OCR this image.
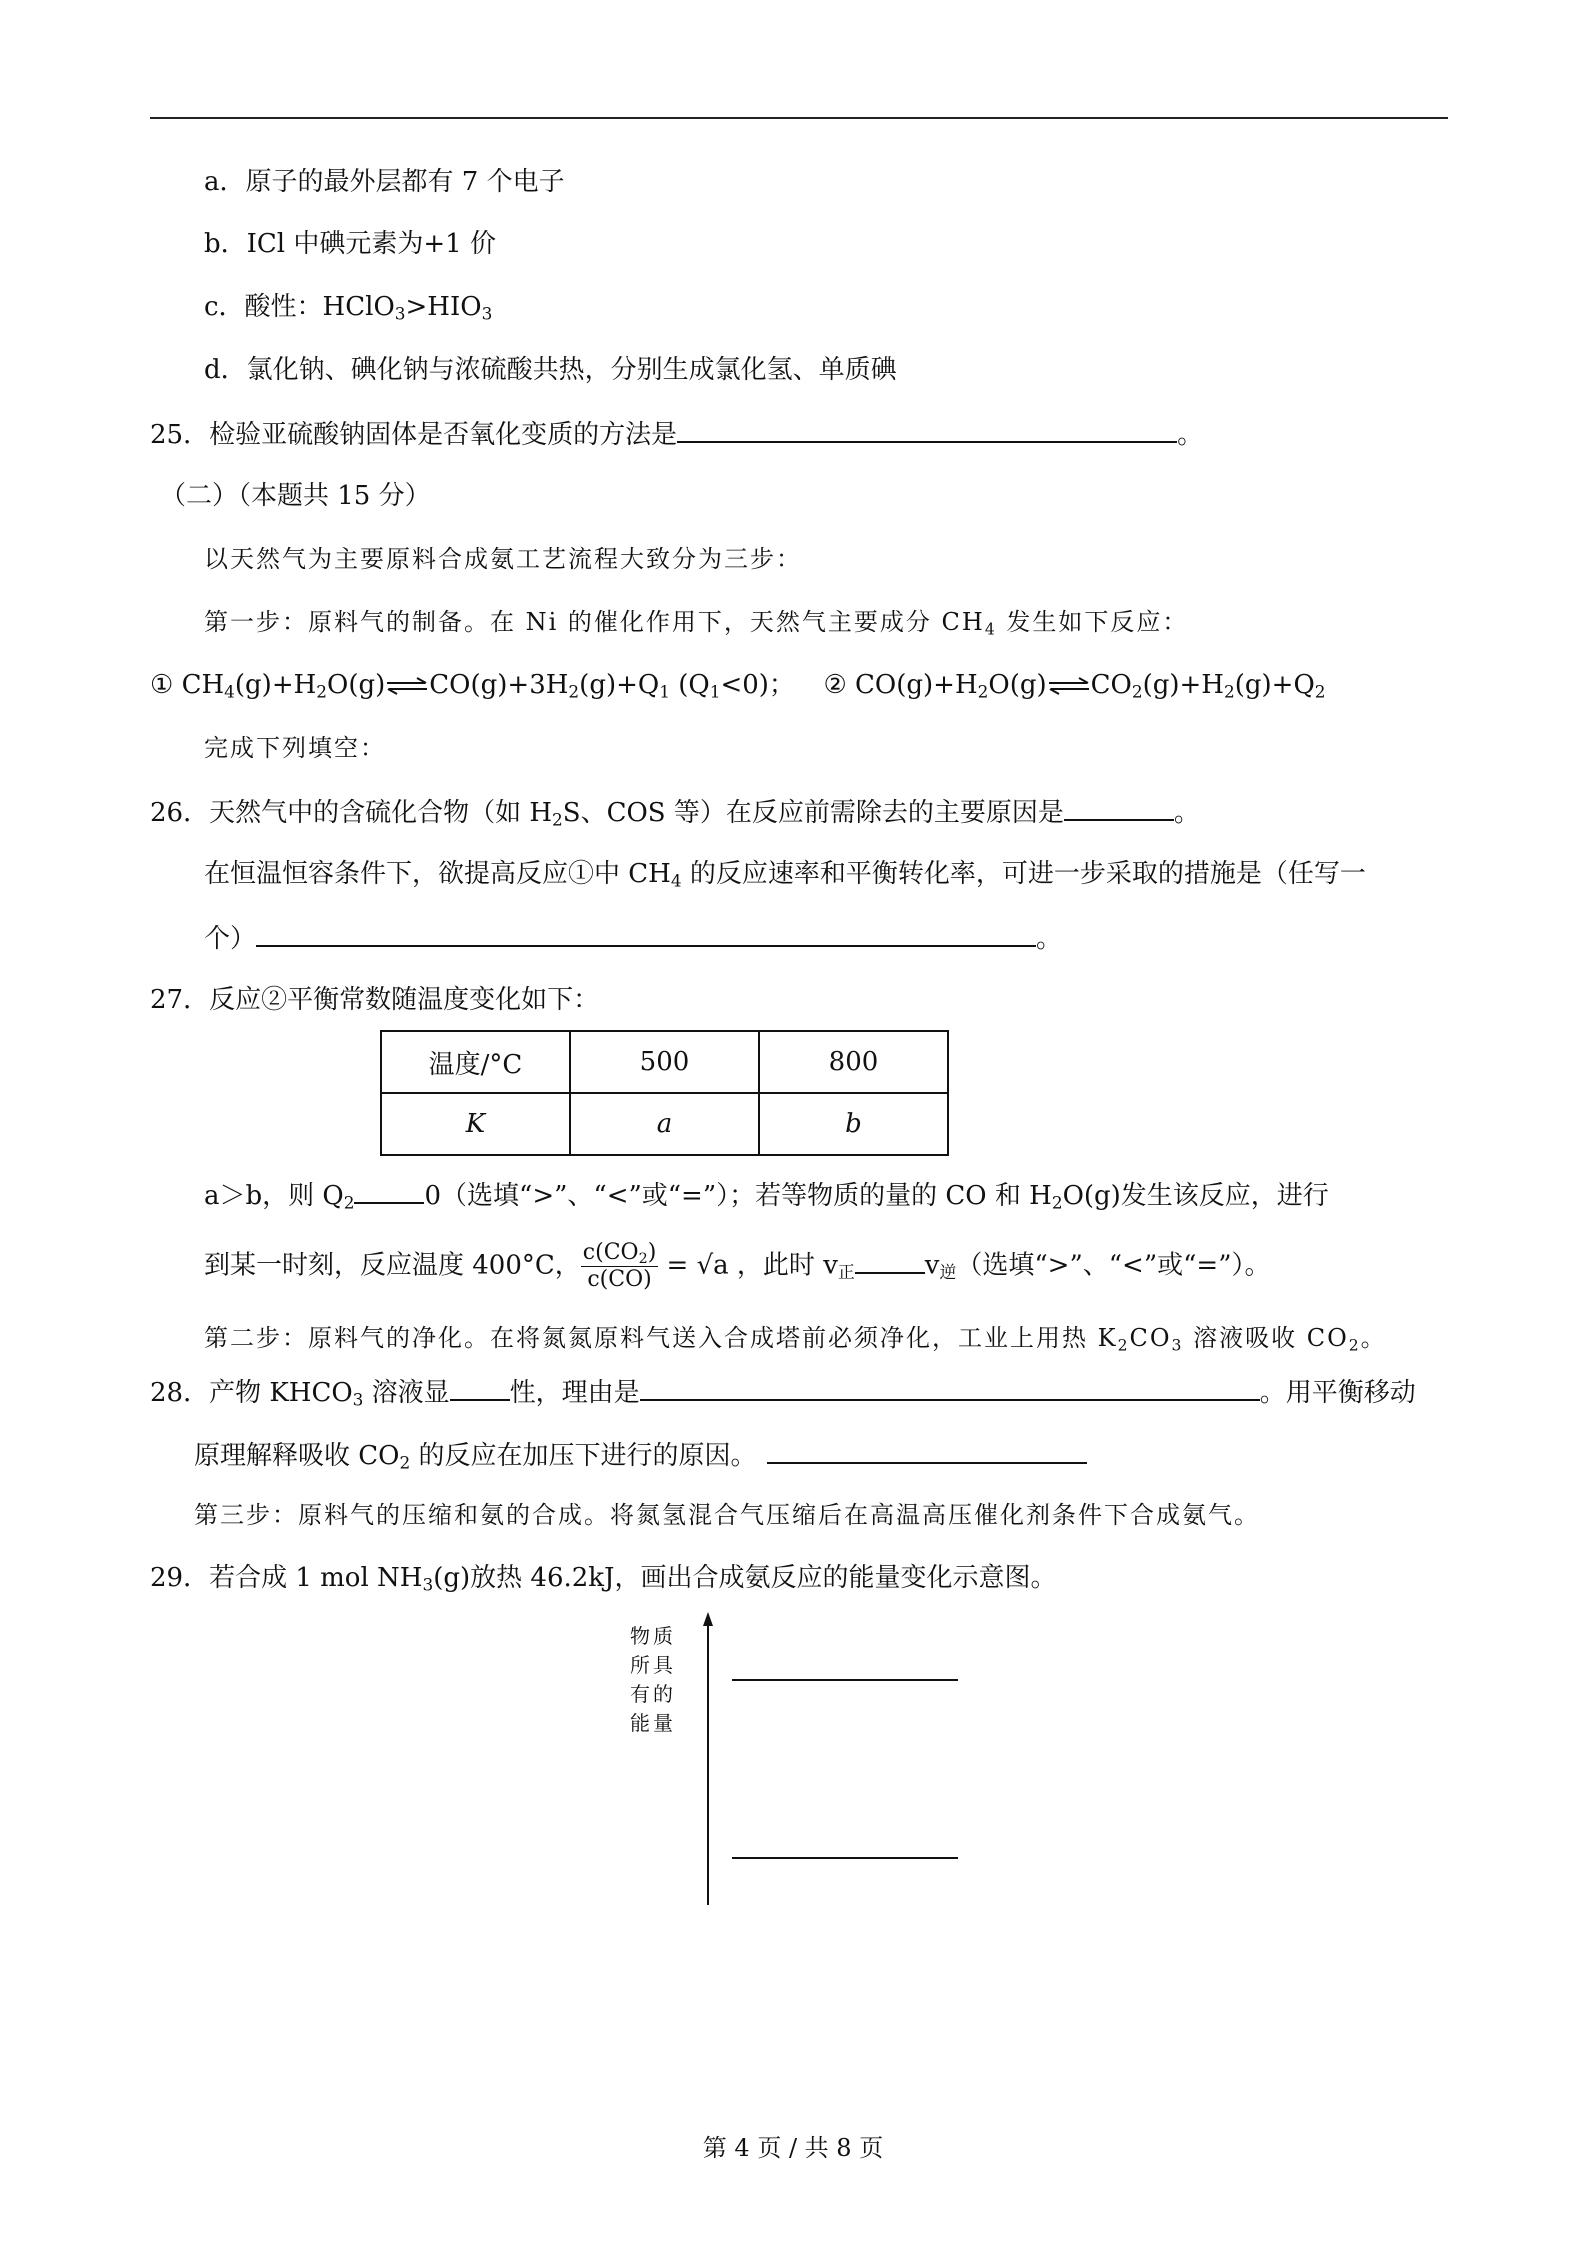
a．原子的最外层都有 7 个电子
b．ICl 中碘元素为+1 价
c．酸性：$HClO_3>HIO_3$
d．氯化钠、碘化钠与浓硫酸共热，分别生成氯化氢、单质碘
25．检验亚硫酸钠固体是否氧化变质的方法是	。
（二）（本题共 15 分）
以天然气为主要原料合成氨工艺流程大致分为三步：
第一步：原料气的制备。在 Ni 的催化作用下，天然气主要成分 $CH_4$ 发生如下反应：
① $CH_4(g)+H_2O(g)\rightleftharpoons CO(g)+3H_2(g)+Q_1$ $(Q_1<0)$； ② $CO(g)+H_2O(g)\rightleftharpoons CO_2(g)+H_2(g)+Q_2$
完成下列填空：
26．天然气中的含硫化合物（如 $H_2S$、COS 等）在反应前需除去的主要原因是	。
在恒温恒容条件下，欲提高反应①中 $CH_4$ 的反应速率和平衡转化率，可进一步采取的措施是（任写一
个）	。
27．反应②平衡常数随温度变化如下：
温度/°C	500	800
K	a	b
a＞b，则 $Q_2$	0（选填“>”、“<”或“=”）；若等物质的量的 CO 和 $H_2O(g)$发生该反应，进行
到某一时刻，反应温度 400°C， $\frac{c(CO_2)}{c(CO)} = √a$ ，此时 $v_正$	$v_逆$（选填“>”、“<”或“=”）。
第二步：原料气的净化。在将氮氮原料气送入合成塔前必须净化，工业上用热 $K_2CO_3$ 溶液吸收 $CO_2$。
28．产物 $KHCO_3$ 溶液显 性，理由是	。用平衡移动
原理解释吸收 $CO_2$ 的反应在加压下进行的原因。
第三步：原料气的压缩和氨的合成。将氮氢混合气压缩后在高温高压催化剂条件下合成氨气。
29．若合成 1 mol $NH_3(g)$放热 46.2kJ，画出合成氨反应的能量变化示意图。
物质
所具
有的
能量
第 4 页 / 共 8 页
